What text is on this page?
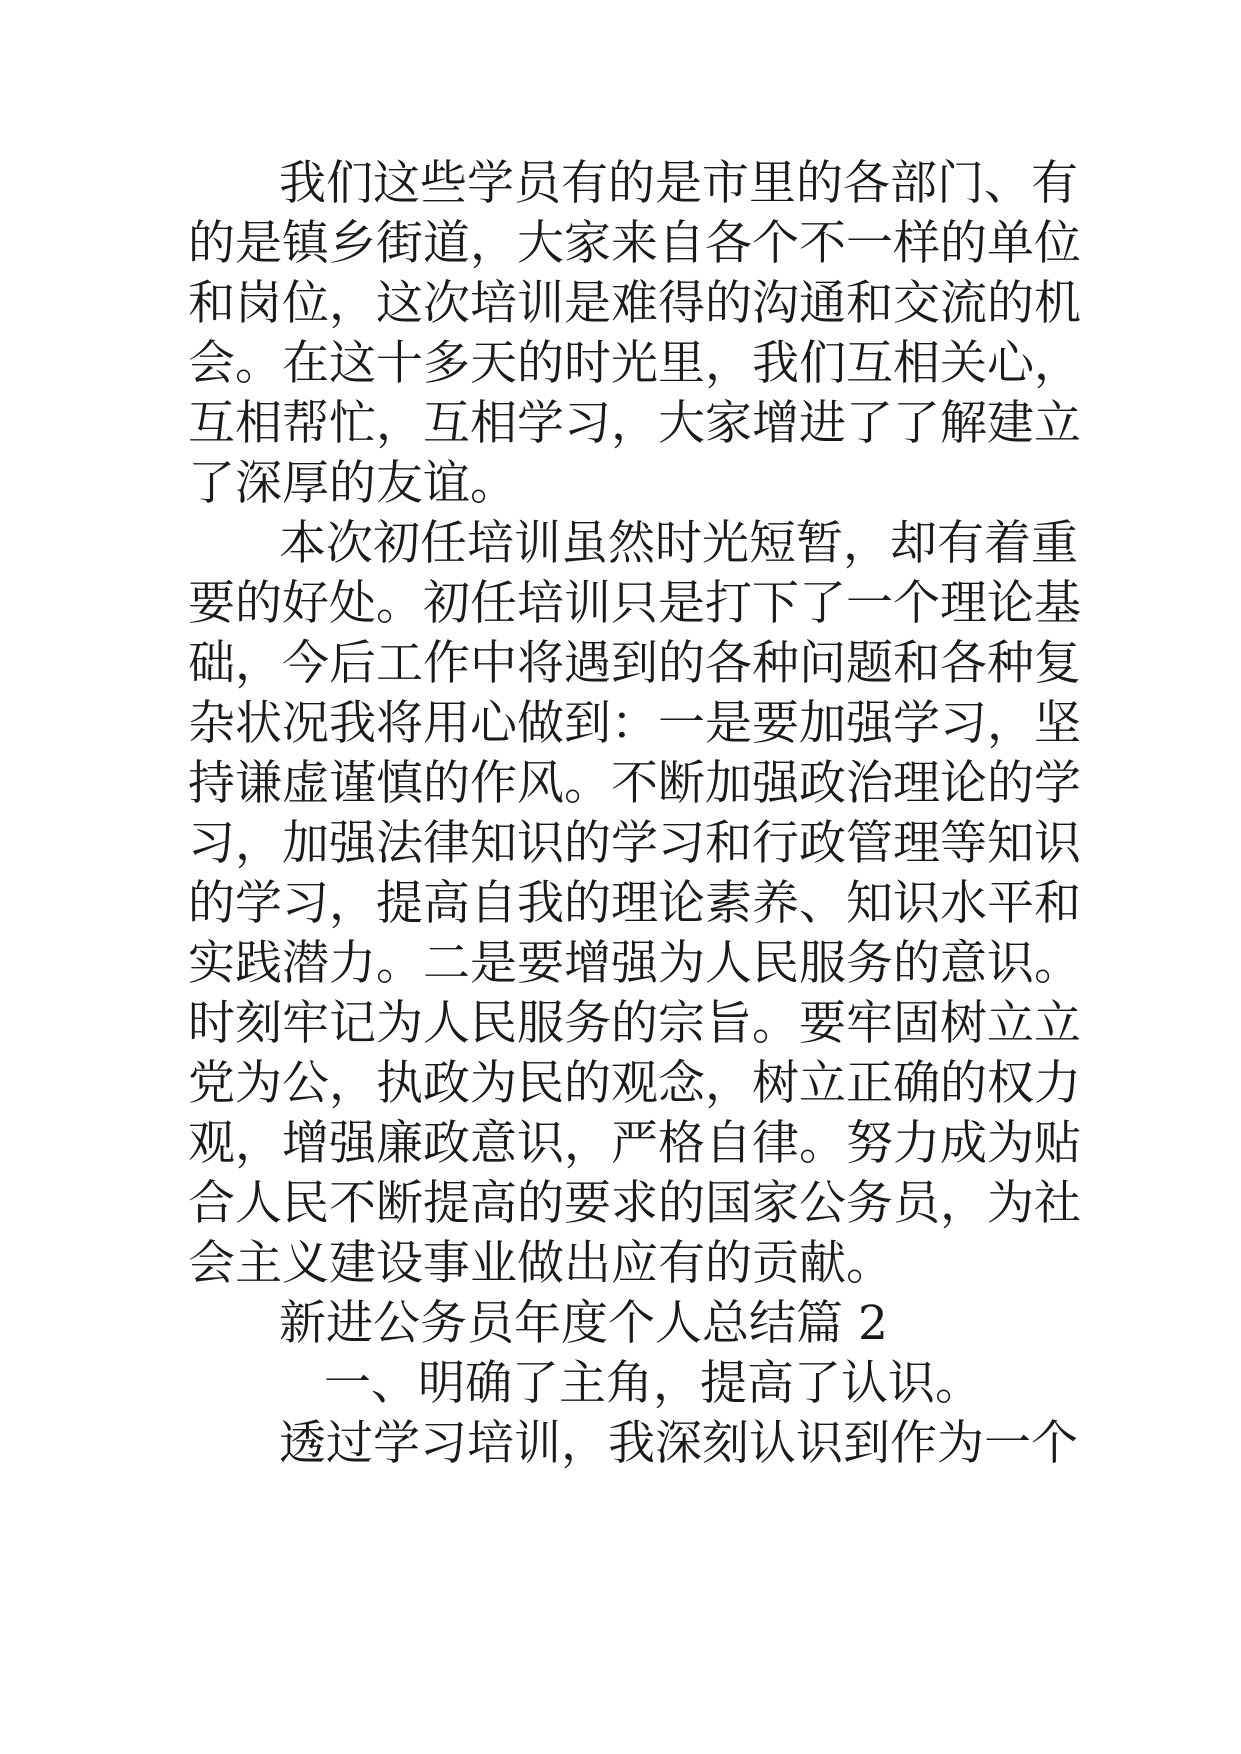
我们这些学员有的是市里的各部门、有
的是镇乡街道，大家来自各个不一样的单位
和岗位，这次培训是难得的沟通和交流的机
会。在这十多天的时光里，我们互相关心，
互相帮忙，互相学习，大家增进了了解建立
了深厚的友谊。
本次初任培训虽然时光短暂，却有着重
要的好处。初任培训只是打下了一个理论基
础，今后工作中将遇到的各种问题和各种复
杂状况我将用心做到：一是要加强学习，坚
持谦虚谨慎的作风。不断加强政治理论的学
习，加强法律知识的学习和行政管理等知识
的学习，提高自我的理论素养、知识水平和
实践潜力。二是要增强为人民服务的意识。
时刻牢记为人民服务的宗旨。要牢固树立立
党为公，执政为民的观念，树立正确的权力
观，增强廉政意识，严格自律。努力成为贴
合人民不断提高的要求的国家公务员，为社
会主义建设事业做出应有的贡献。
新进公务员年度个人总结篇 2
一、明确了主角，提高了认识。
透过学习培训，我深刻认识到作为一个
